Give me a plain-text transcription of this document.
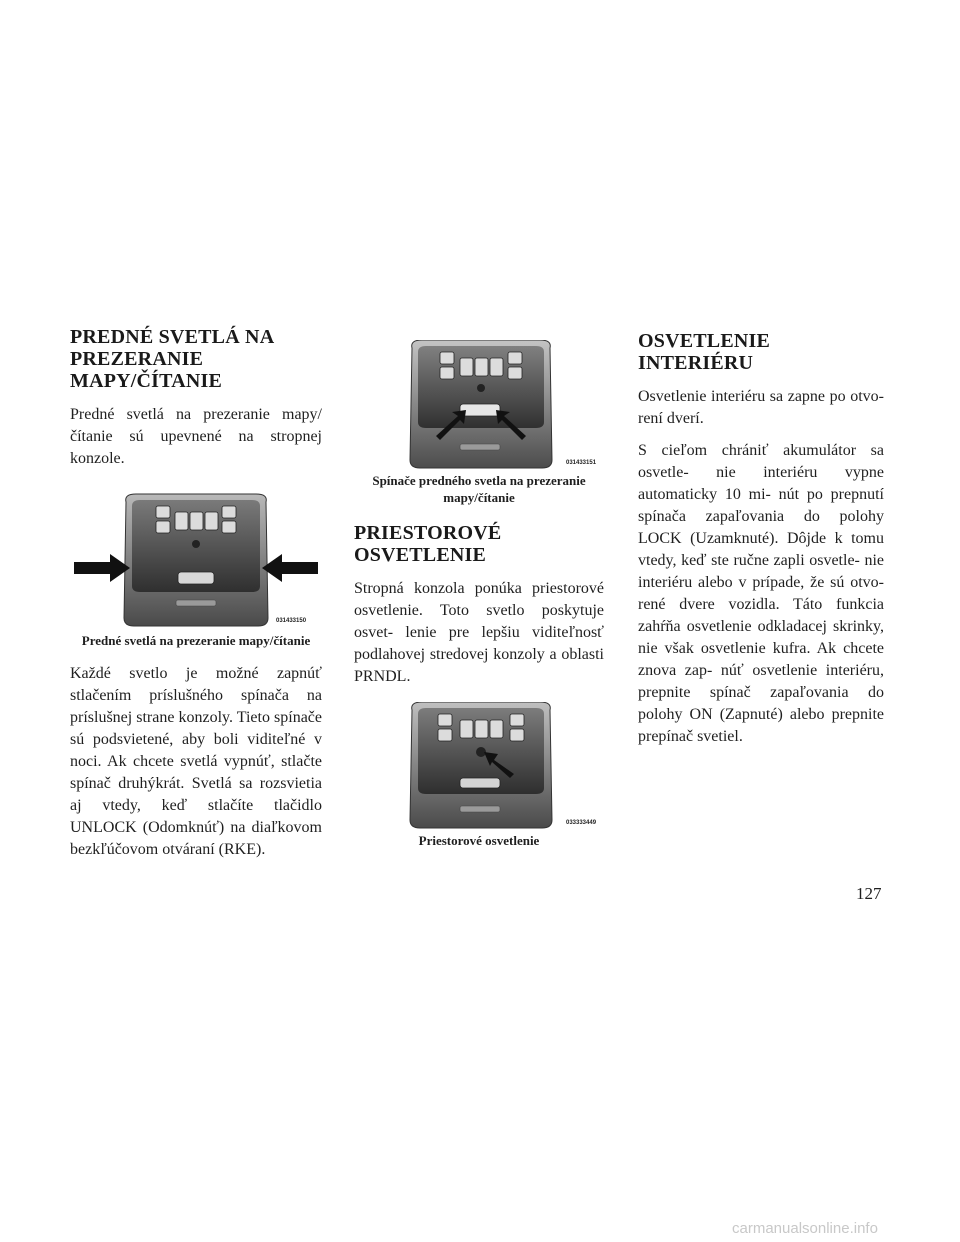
PREDNÉ SVETLÁ NA
PREZERANIE
MAPY/ČÍTANIE

Predné svetlá na prezeranie mapy/ čítanie sú upevnené na stropnej konzole.

031433150
Predné svetlá na prezeranie mapy/čítanie

Každé svetlo je možné zapnúť stlačením príslušného spínača na príslušnej strane konzoly. Tieto spínače sú podsvietené, aby boli viditeľné v noci. Ak chcete svetlá vypnúť, stlačte spínač druhýkrát. Svetlá sa rozsvietia aj vtedy, keď stlačíte tlačidlo UNLOCK (Odomknúť) na diaľkovom bezkľúčovom otváraní (RKE).

031433151
Spínače predného svetla na prezeranie
mapy/čítanie
PRIESTOROVÉ
OSVETLENIE

Stropná konzola ponúka priestorové osvetlenie. Toto svetlo poskytuje osvet- lenie pre lepšiu viditeľnosť podlahovej stredovej konzoly a oblasti PRNDL.

033333449
Priestorové osvetlenie
OSVETLENIE INTERIÉRU

Osvetlenie interiéru sa zapne po otvo- rení dverí.

S cieľom chrániť akumulátor sa osvetle- nie interiéru vypne automaticky 10 mi- nút po prepnutí spínača zapaľovania do polohy LOCK (Uzamknuté). Dôjde k tomu vtedy, keď ste ručne zapli osvetle- nie interiéru alebo v prípade, že sú otvo- rené dvere vozidla. Táto funkcia zahŕňa osvetlenie odkladacej skrinky, nie však osvetlenie kufra. Ak chcete znova zap- núť osvetlenie interiéru, prepnite spínač zapaľovania do polohy ON (Zapnuté) alebo prepnite prepínač svetiel.

127
carmanualsonline.info
